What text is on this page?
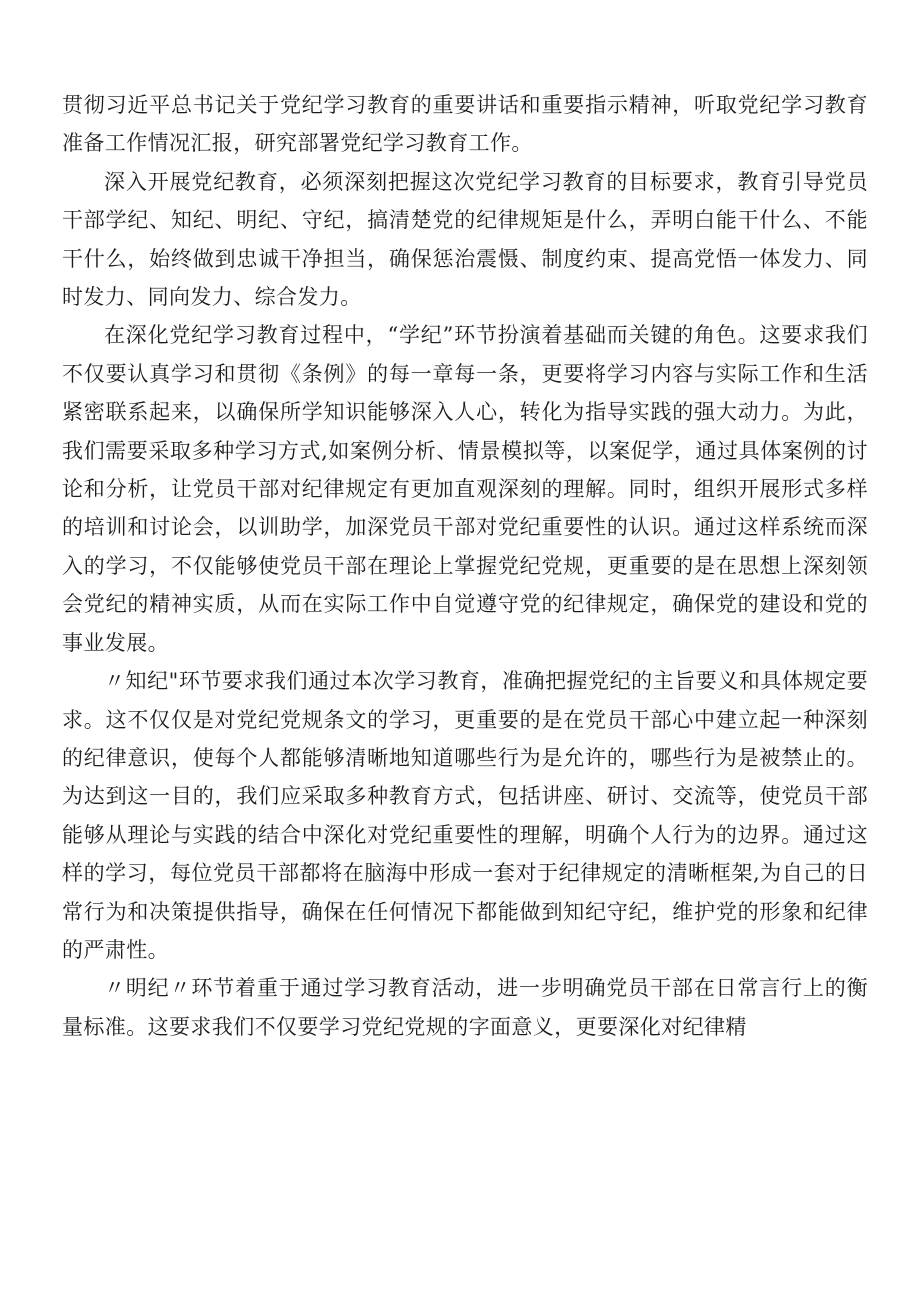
贯彻习近平总书记关于党纪学习教育的重要讲话和重要指示精神，听取党纪学习教育准备工作情况汇报，研究部署党纪学习教育工作。

深入开展党纪教育，必须深刻把握这次党纪学习教育的目标要求，教育引导党员干部学纪、知纪、明纪、守纪，搞清楚党的纪律规矩是什么，弄明白能干什么、不能干什么，始终做到忠诚干净担当，确保惩治震慑、制度约束、提高党悟一体发力、同时发力、同向发力、综合发力。

在深化党纪学习教育过程中，“学纪”环节扮演着基础而关键的角色。这要求我们不仅要认真学习和贯彻《条例》的每一章每一条，更要将学习内容与实际工作和生活紧密联系起来，以确保所学知识能够深入人心，转化为指导实践的强大动力。为此，我们需要采取多种学习方式,如案例分析、情景模拟等，以案促学，通过具体案例的讨论和分析，让党员干部对纪律规定有更加直观深刻的理解。同时，组织开展形式多样的培训和讨论会，以训助学，加深党员干部对党纪重要性的认识。通过这样系统而深入的学习，不仅能够使党员干部在理论上掌握党纪党规，更重要的是在思想上深刻领会党纪的精神实质，从而在实际工作中自觉遵守党的纪律规定，确保党的建设和党的事业发展。

〃知纪"环节要求我们通过本次学习教育，准确把握党纪的主旨要义和具体规定要求。这不仅仅是对党纪党规条文的学习，更重要的是在党员干部心中建立起一种深刻的纪律意识，使每个人都能够清晰地知道哪些行为是允许的，哪些行为是被禁止的。为达到这一目的，我们应采取多种教育方式，包括讲座、研讨、交流等，使党员干部能够从理论与实践的结合中深化对党纪重要性的理解，明确个人行为的边界。通过这样的学习，每位党员干部都将在脑海中形成一套对于纪律规定的清晰框架,为自己的日常行为和决策提供指导，确保在任何情况下都能做到知纪守纪，维护党的形象和纪律的严肃性。

〃明纪〃环节着重于通过学习教育活动，进一步明确党员干部在日常言行上的衡量标准。这要求我们不仅要学习党纪党规的字面意义，更要深化对纪律精
